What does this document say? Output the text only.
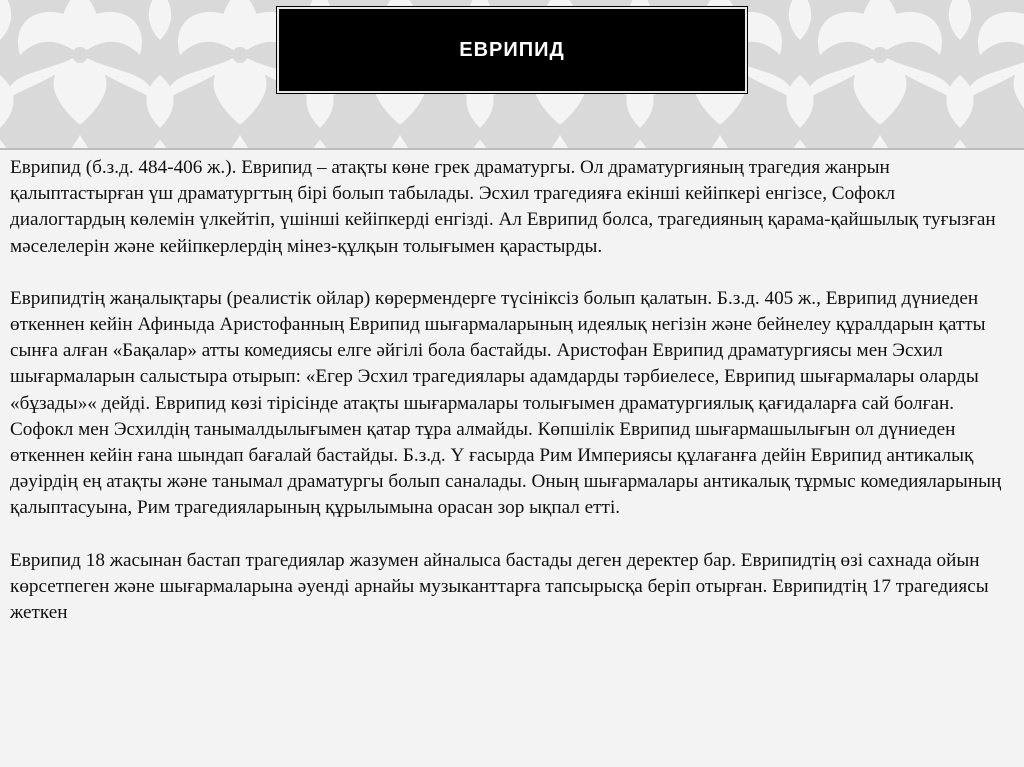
ЕВРИПИД

Еврипид (б.з.д. 484-406 ж.). Еврипид – атақты көне грек драматургы. Ол драматургияның трагедия жанрын қалыптастырған үш драматургтың бірі болып табылады. Эсхил трагедияға екінші кейіпкері енгізсе, Софокл диалогтардың көлемін үлкейтіп, үшінші кейіпкерді енгізді. Ал Еврипид болса, трагедияның қарама-қайшылық туғызған мәселелерін және кейіпкерлердің мінез-құлқын толығымен қарастырды.

Еврипидтің жаңалықтары (реалистік ойлар) көрермендерге түсініксіз болып қалатын. Б.з.д. 405 ж., Еврипид дүниеден өткеннен кейін Афиныда Аристофанның Еврипид шығармаларының идеялық негізін және бейнелеу құралдарын қатты сынға алған «Бақалар» атты комедиясы елге әйгілі бола бастайды. Аристофан Еврипид драматургиясы мен Эсхил шығармаларын салыстыра отырып: «Егер Эсхил трагедиялары адамдарды тәрбиелесе, Еврипид шығармалары оларды «бұзады»« дейді. Еврипид көзі тірісінде атақты шығармалары толығымен драматургиялық қағидаларға сай болған. Софокл мен Эсхилдің танымалдылығымен қатар тұра алмайды. Көпшілік Еврипид шығармашылығын ол дүниеден өткеннен кейін ғана шындап бағалай бастайды. Б.з.д. Ү ғасырда Рим Империясы құлағанға дейін Еврипид антикалық дәуірдің ең атақты және танымал драматургы болып саналады. Оның шығармалары антикалық тұрмыс комедияларының қалыптасуына, Рим трагедияларының құрылымына орасан зор ықпал етті.

Еврипид 18 жасынан бастап трагедиялар жазумен айналыса бастады деген деректер бар. Еврипидтің өзі сахнада ойын көрсетпеген және шығармаларына әуенді арнайы музыканттарға тапсырысқа беріп отырған. Еврипидтің 17 трагедиясы жеткен
